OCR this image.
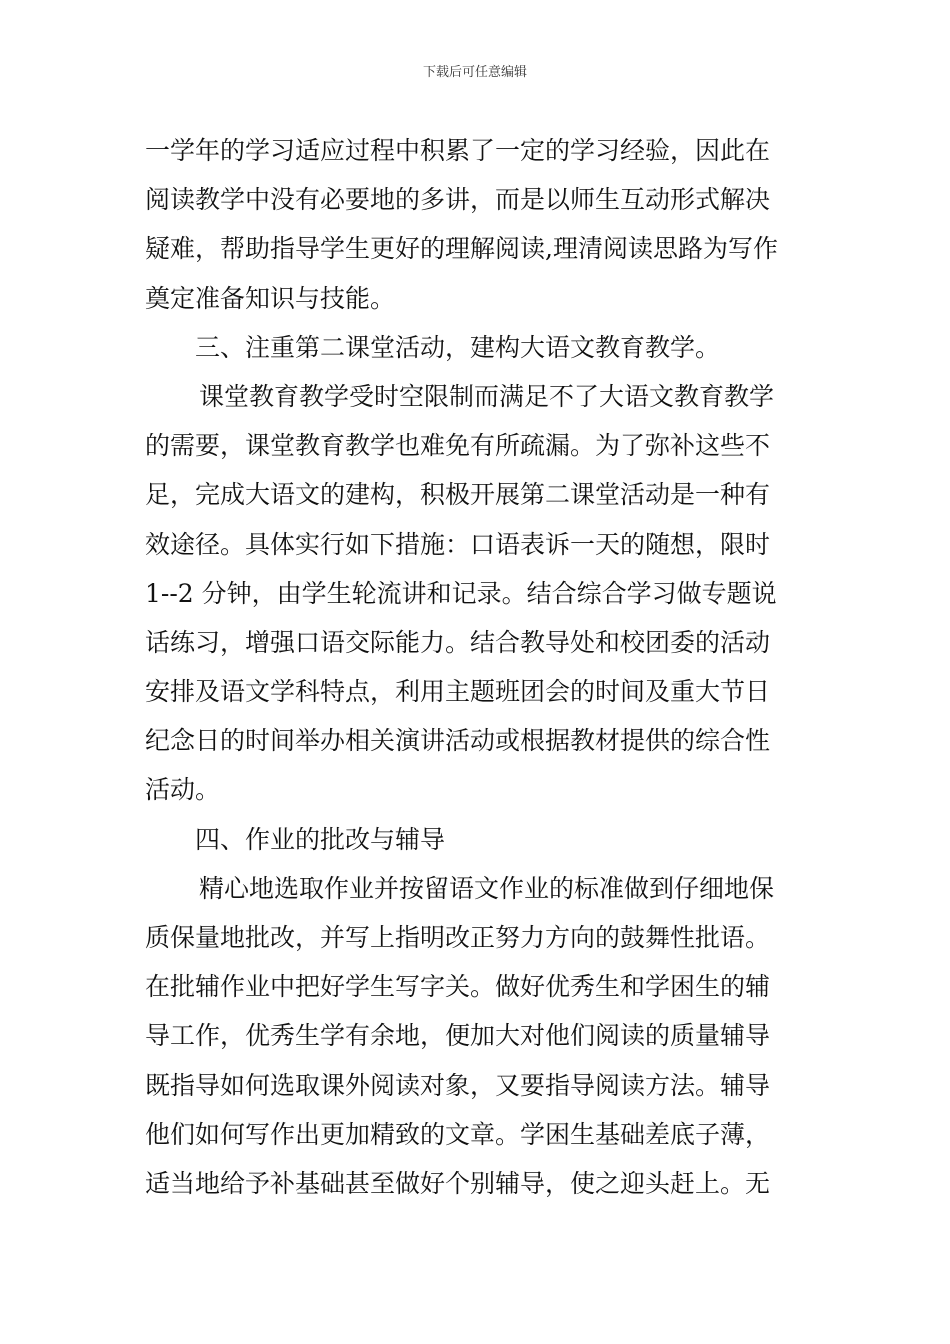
下载后可任意编辑
一学年的学习适应过程中积累了一定的学习经验，因此在
阅读教学中没有必要地的多讲，而是以师生互动形式解决
疑难，帮助指导学生更好的理解阅读,理清阅读思路为写作
奠定准备知识与技能。
三、注重第二课堂活动，建构大语文教育教学。
课堂教育教学受时空限制而满足不了大语文教育教学
的需要，课堂教育教学也难免有所疏漏。为了弥补这些不
足，完成大语文的建构，积极开展第二课堂活动是一种有
效途径。具体实行如下措施：口语表诉一天的随想，限时
1--2 分钟，由学生轮流讲和记录。结合综合学习做专题说
话练习，增强口语交际能力。结合教导处和校团委的活动
安排及语文学科特点，利用主题班团会的时间及重大节日
纪念日的时间举办相关演讲活动或根据教材提供的综合性
活动。
四、作业的批改与辅导
精心地选取作业并按留语文作业的标准做到仔细地保
质保量地批改，并写上指明改正努力方向的鼓舞性批语。
在批辅作业中把好学生写字关。做好优秀生和学困生的辅
导工作，优秀生学有余地，便加大对他们阅读的质量辅导
既指导如何选取课外阅读对象，又要指导阅读方法。辅导
他们如何写作出更加精致的文章。学困生基础差底子薄，
适当地给予补基础甚至做好个别辅导，使之迎头赶上。无
